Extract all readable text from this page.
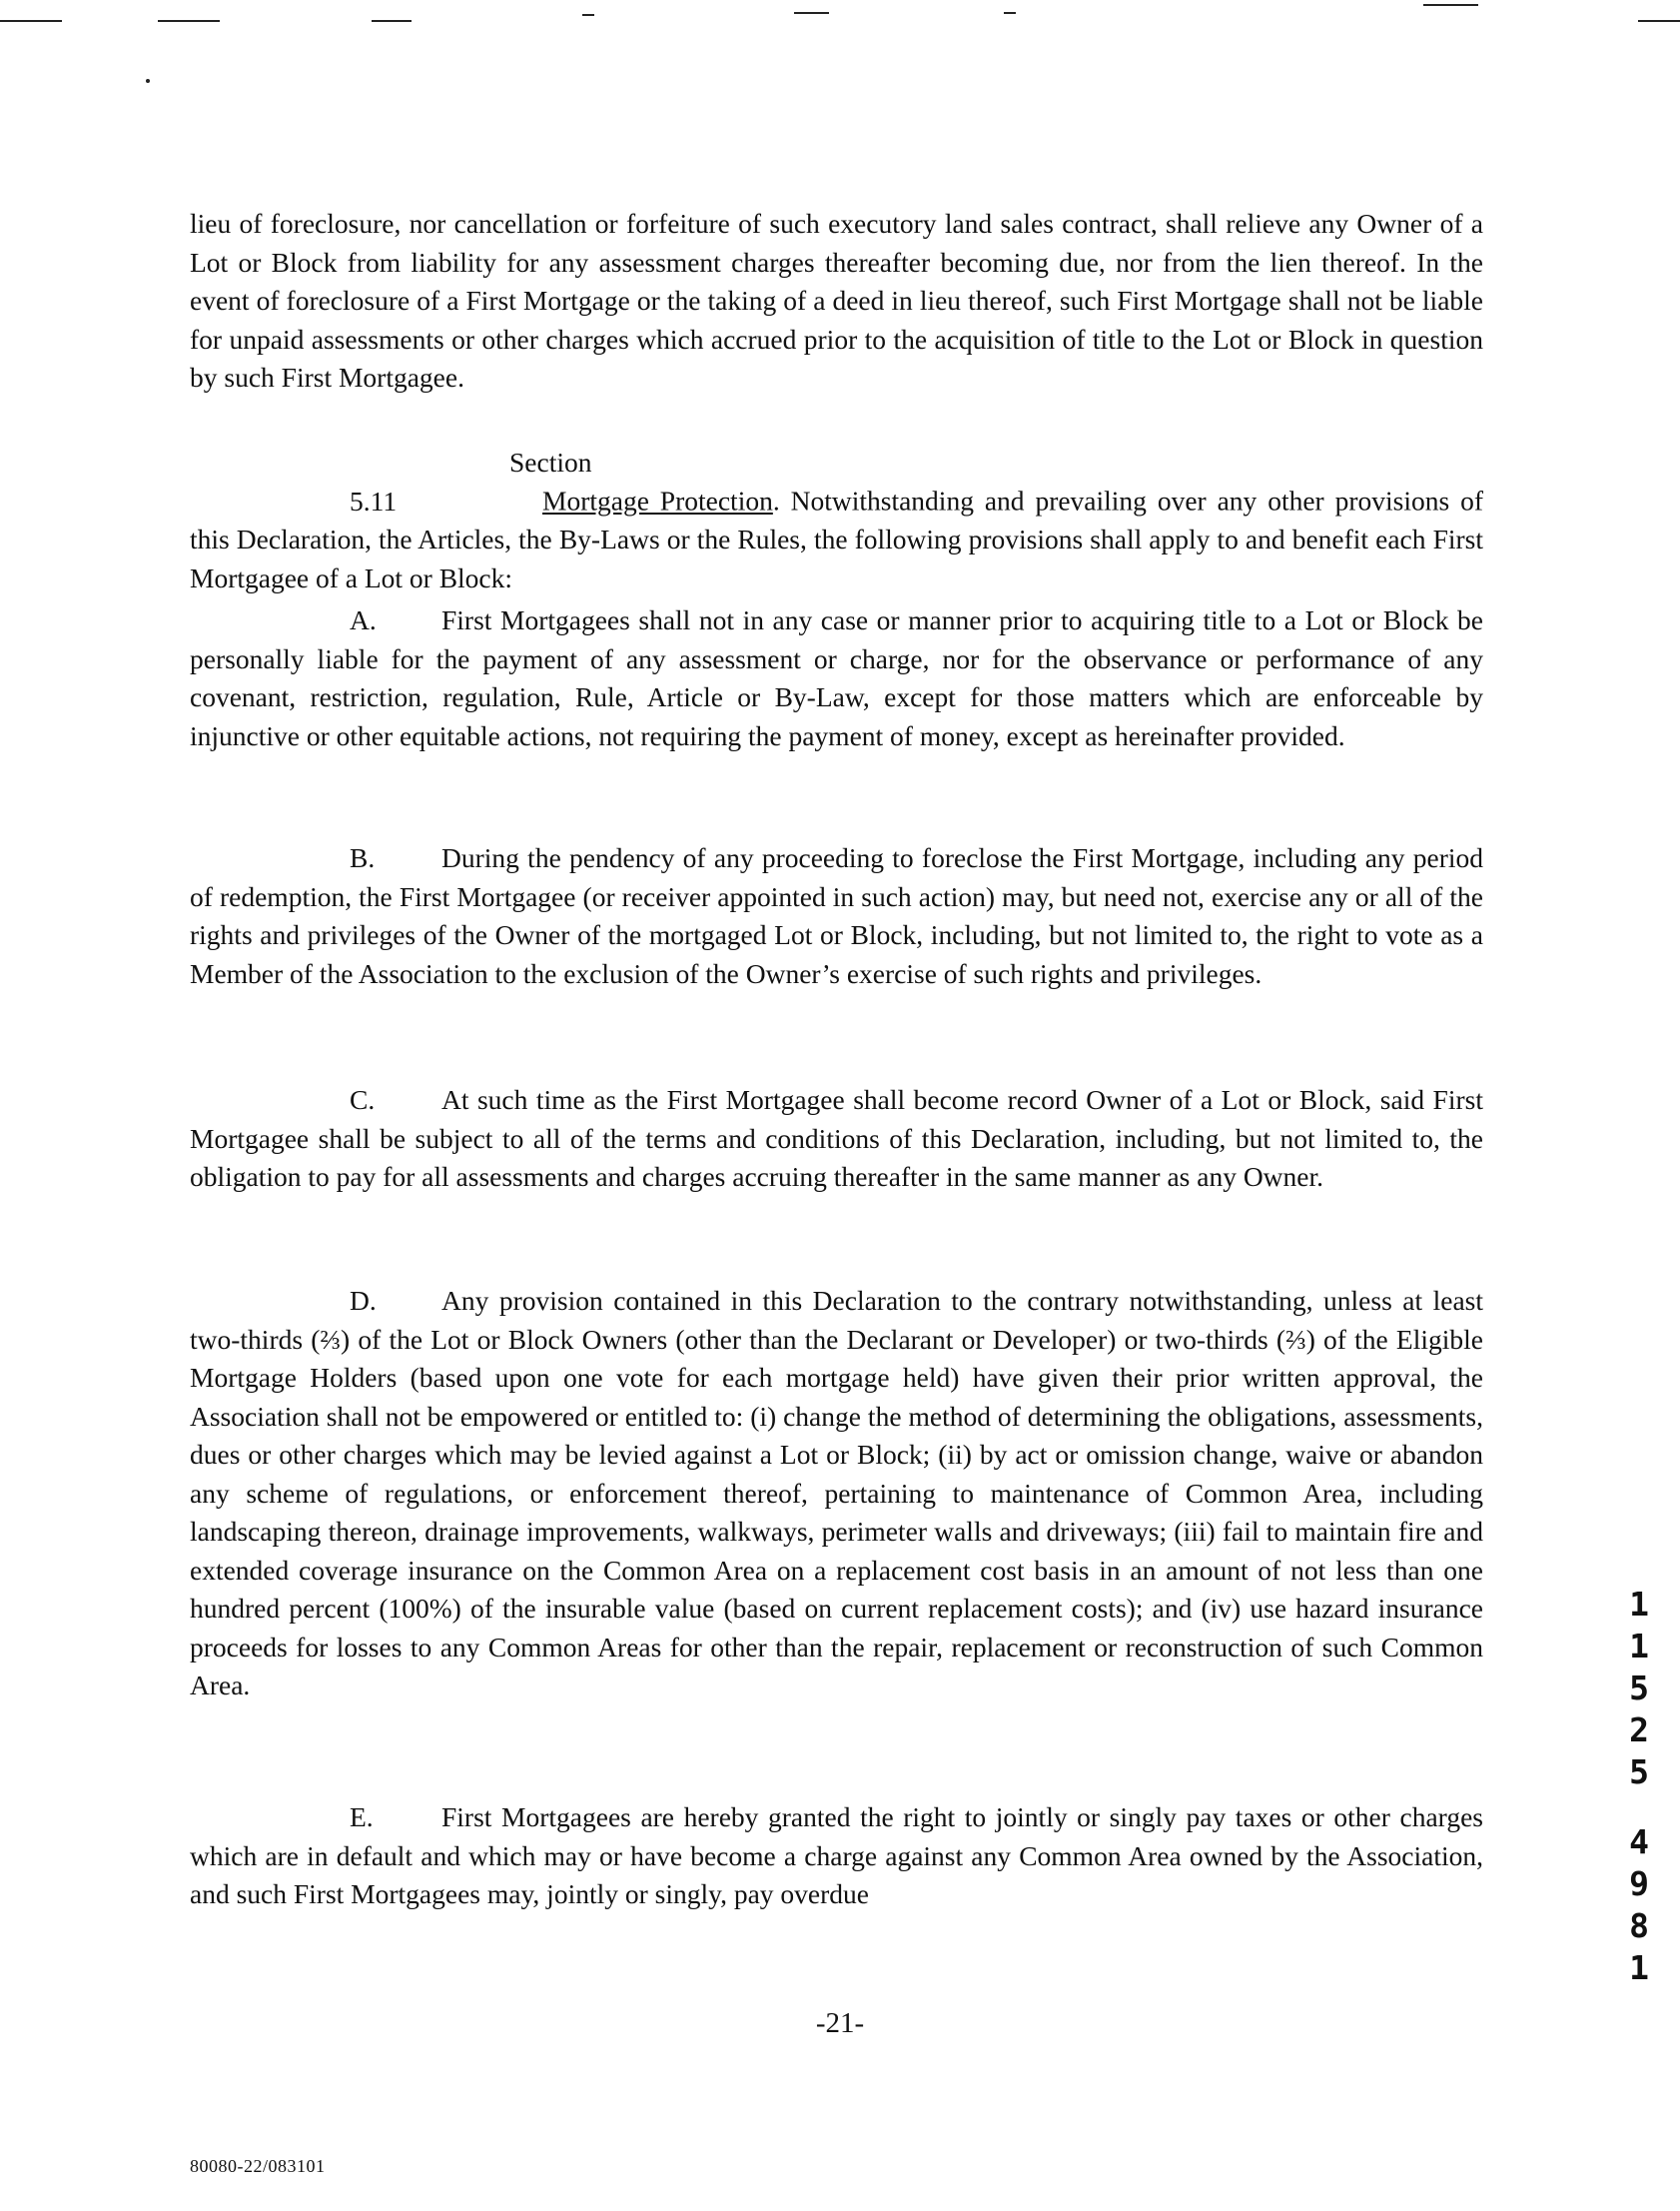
lieu of foreclosure, nor cancellation or forfeiture of such executory land sales contract, shall relieve any Owner of a Lot or Block from liability for any assessment charges thereafter becoming due, nor from the lien thereof. In the event of foreclosure of a First Mortgage or the taking of a deed in lieu thereof, such First Mortgage shall not be liable for unpaid assessments or other charges which accrued prior to the acquisition of title to the Lot or Block in question by such First Mortgagee.

Section 5.11	Mortgage Protection. Notwithstanding and prevailing over any other provisions of this Declaration, the Articles, the By-Laws or the Rules, the following provisions shall apply to and benefit each First Mortgagee of a Lot or Block:

A. First Mortgagees shall not in any case or manner prior to acquiring title to a Lot or Block be personally liable for the payment of any assessment or charge, nor for the observance or performance of any covenant, restriction, regulation, Rule, Article or By-Law, except for those matters which are enforceable by injunctive or other equitable actions, not requiring the payment of money, except as hereinafter provided.

B. During the pendency of any proceeding to foreclose the First Mortgage, including any period of redemption, the First Mortgagee (or receiver appointed in such action) may, but need not, exercise any or all of the rights and privileges of the Owner of the mortgaged Lot or Block, including, but not limited to, the right to vote as a Member of the Association to the exclusion of the Owner’s exercise of such rights and privileges.

C. At such time as the First Mortgagee shall become record Owner of a Lot or Block, said First Mortgagee shall be subject to all of the terms and conditions of this Declaration, including, but not limited to, the obligation to pay for all assessments and charges accruing thereafter in the same manner as any Owner.

D. Any provision contained in this Declaration to the contrary notwithstanding, unless at least two-thirds (⅔) of the Lot or Block Owners (other than the Declarant or Developer) or two-thirds (⅔) of the Eligible Mortgage Holders (based upon one vote for each mortgage held) have given their prior written approval, the Association shall not be empowered or entitled to: (i) change the method of determining the obligations, assessments, dues or other charges which may be levied against a Lot or Block; (ii) by act or omission change, waive or abandon any scheme of regulations, or enforcement thereof, pertaining to maintenance of Common Area, including landscaping thereon, drainage improvements, walkways, perimeter walls and driveways; (iii) fail to maintain fire and extended coverage insurance on the Common Area on a replacement cost basis in an amount of not less than one hundred percent (100%) of the insurable value (based on current replacement costs); and (iv) use hazard insurance proceeds for losses to any Common Areas for other than the repair, replacement or reconstruction of such Common Area.

E. First Mortgagees are hereby granted the right to jointly or singly pay taxes or other charges which are in default and which may or have become a charge against any Common Area owned by the Association, and such First Mortgagees may, jointly or singly, pay overdue

1
1
5
2
5
4
9
8
1
-21-
80080-22/083101
